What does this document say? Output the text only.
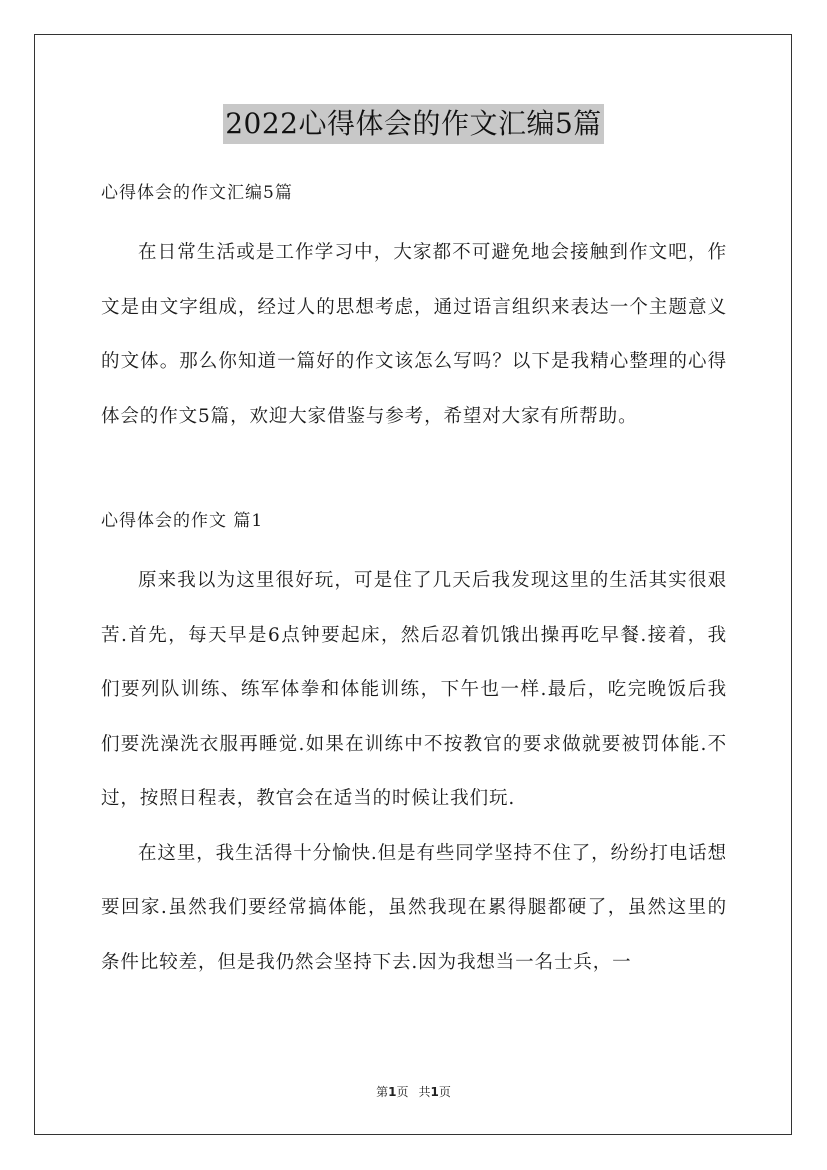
2022心得体会的作文汇编5篇

心得体会的作文汇编5篇

在日常生活或是工作学习中，大家都不可避免地会接触到作文吧，作文是由文字组成，经过人的思想考虑，通过语言组织来表达一个主题意义的文体。那么你知道一篇好的作文该怎么写吗？以下是我精心整理的心得体会的作文5篇，欢迎大家借鉴与参考，希望对大家有所帮助。

心得体会的作文 篇1

原来我以为这里很好玩，可是住了几天后我发现这里的生活其实很艰苦.首先，每天早是6点钟要起床，然后忍着饥饿出操再吃早餐.接着，我们要列队训练、练军体拳和体能训练，下午也一样.最后，吃完晚饭后我们要洗澡洗衣服再睡觉.如果在训练中不按教官的要求做就要被罚体能.不过，按照日程表，教官会在适当的时候让我们玩.

在这里，我生活得十分愉快.但是有些同学坚持不住了，纷纷打电话想要回家.虽然我们要经常搞体能，虽然我现在累得腿都硬了，虽然这里的条件比较差，但是我仍然会坚持下去.因为我想当一名士兵，一

第1页 共1页
